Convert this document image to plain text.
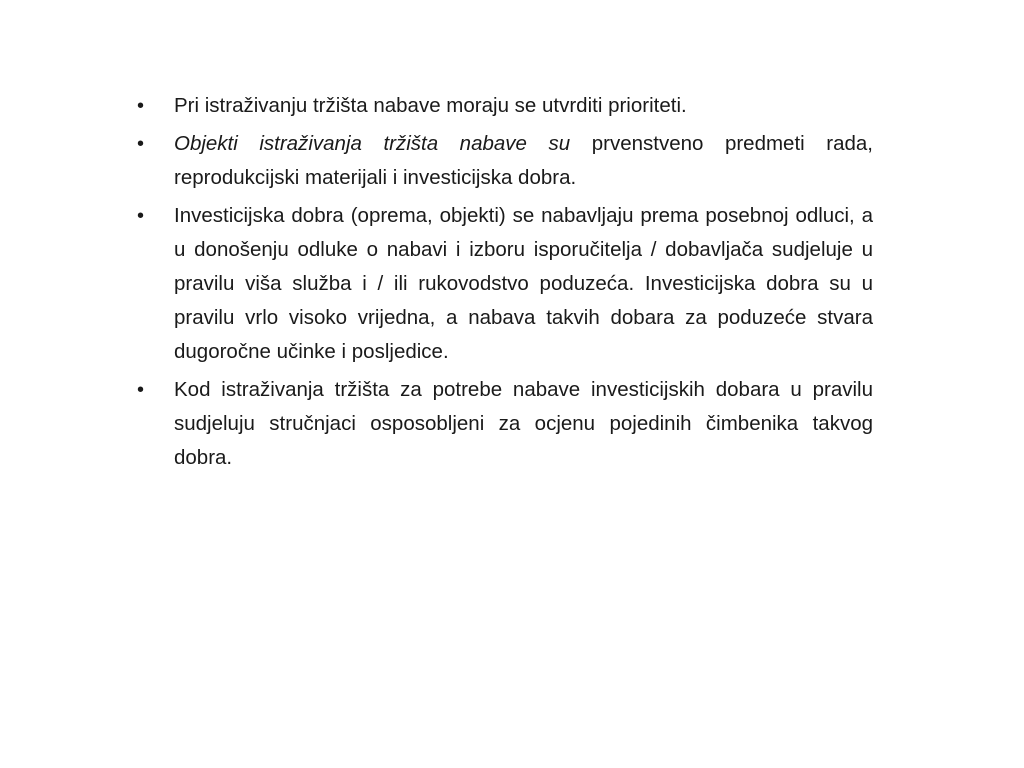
•	Pri istraživanju tržišta nabave moraju se utvrditi prioriteti.
•	Objekti istraživanja tržišta nabave su prvenstveno predmeti rada, reprodukcijski materijali i investicijska dobra.
•	Investicijska dobra (oprema, objekti) se nabavljaju prema posebnoj odluci, a u donošenju odluke o nabavi i izboru isporučitelja / dobavljača sudjeluje u pravilu viša služba i / ili rukovodstvo poduzeća. Investicijska dobra su u pravilu vrlo visoko vrijedna, a nabava takvih dobara za poduzeće stvara dugoročne učinke i posljedice.
•	Kod istraživanja tržišta za potrebe nabave investicijskih dobara u pravilu sudjeluju stručnjaci osposobljeni za ocjenu pojedinih čimbenika takvog dobra.
